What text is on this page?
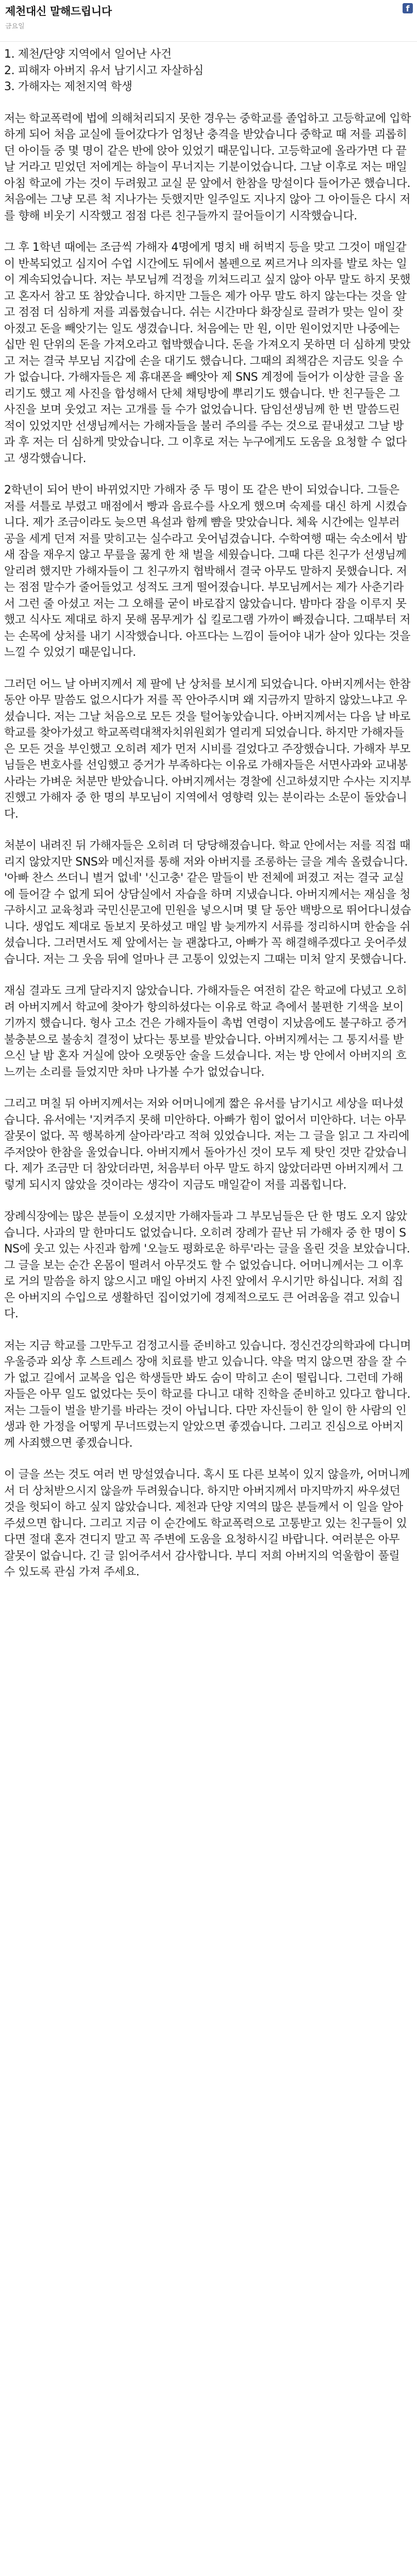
제천대신 말해드립니다
금요일
f

1. 제천/단양 지역에서 일어난 사건
2. 피해자 아버지 유서 남기시고 자살하심
3. 가해자는 제천지역 학생

저는 학교폭력에 법에 의해처리되지 못한 경우는 중학교를 졸업하고 고등학교에 입학하게 되어 처음 교실에 들어갔다가 엄청난 충격을 받았습니다 중학교 때 저를 괴롭히던 아이들 중 몇 명이 같은 반에 앉아 있었기 때문입니다. 고등학교에 올라가면 다 끝날 거라고 믿었던 저에게는 하늘이 무너지는 기분이었습니다. 그날 이후로 저는 매일 아침 학교에 가는 것이 두려웠고 교실 문 앞에서 한참을 망설이다 들어가곤 했습니다. 처음에는 그냥 모른 척 지나가는 듯했지만 일주일도 지나지 않아 그 아이들은 다시 저를 향해 비웃기 시작했고 점점 다른 친구들까지 끌어들이기 시작했습니다.

그 후 1학년 때에는 조금씩 가해자 4명에게 명치 배 허벅지 등을 맞고 그것이 매일같이 반복되었고 심지어 수업 시간에도 뒤에서 볼펜으로 찌르거나 의자를 발로 차는 일이 계속되었습니다. 저는 부모님께 걱정을 끼쳐드리고 싶지 않아 아무 말도 하지 못했고 혼자서 참고 또 참았습니다. 하지만 그들은 제가 아무 말도 하지 않는다는 것을 알고 점점 더 심하게 저를 괴롭혔습니다. 쉬는 시간마다 화장실로 끌려가 맞는 일이 잦아졌고 돈을 빼앗기는 일도 생겼습니다. 처음에는 만 원, 이만 원이었지만 나중에는 십만 원 단위의 돈을 가져오라고 협박했습니다. 돈을 가져오지 못하면 더 심하게 맞았고 저는 결국 부모님 지갑에 손을 대기도 했습니다. 그때의 죄책감은 지금도 잊을 수가 없습니다. 가해자들은 제 휴대폰을 빼앗아 제 SNS 계정에 들어가 이상한 글을 올리기도 했고 제 사진을 합성해서 단체 채팅방에 뿌리기도 했습니다. 반 친구들은 그 사진을 보며 웃었고 저는 고개를 들 수가 없었습니다. 담임선생님께 한 번 말씀드린 적이 있었지만 선생님께서는 가해자들을 불러 주의를 주는 것으로 끝내셨고 그날 방과 후 저는 더 심하게 맞았습니다. 그 이후로 저는 누구에게도 도움을 요청할 수 없다고 생각했습니다.

2학년이 되어 반이 바뀌었지만 가해자 중 두 명이 또 같은 반이 되었습니다. 그들은 저를 셔틀로 부렸고 매점에서 빵과 음료수를 사오게 했으며 숙제를 대신 하게 시켰습니다. 제가 조금이라도 늦으면 욕설과 함께 뺨을 맞았습니다. 체육 시간에는 일부러 공을 세게 던져 저를 맞히고는 실수라고 웃어넘겼습니다. 수학여행 때는 숙소에서 밤새 잠을 재우지 않고 무릎을 꿇게 한 채 벌을 세웠습니다. 그때 다른 친구가 선생님께 알리려 했지만 가해자들이 그 친구까지 협박해서 결국 아무도 말하지 못했습니다. 저는 점점 말수가 줄어들었고 성적도 크게 떨어졌습니다. 부모님께서는 제가 사춘기라서 그런 줄 아셨고 저는 그 오해를 굳이 바로잡지 않았습니다. 밤마다 잠을 이루지 못했고 식사도 제대로 하지 못해 몸무게가 십 킬로그램 가까이 빠졌습니다. 그때부터 저는 손목에 상처를 내기 시작했습니다. 아프다는 느낌이 들어야 내가 살아 있다는 것을 느낄 수 있었기 때문입니다.

그러던 어느 날 아버지께서 제 팔에 난 상처를 보시게 되었습니다. 아버지께서는 한참 동안 아무 말씀도 없으시다가 저를 꼭 안아주시며 왜 지금까지 말하지 않았느냐고 우셨습니다. 저는 그날 처음으로 모든 것을 털어놓았습니다. 아버지께서는 다음 날 바로 학교를 찾아가셨고 학교폭력대책자치위원회가 열리게 되었습니다. 하지만 가해자들은 모든 것을 부인했고 오히려 제가 먼저 시비를 걸었다고 주장했습니다. 가해자 부모님들은 변호사를 선임했고 증거가 부족하다는 이유로 가해자들은 서면사과와 교내봉사라는 가벼운 처분만 받았습니다. 아버지께서는 경찰에 신고하셨지만 수사는 지지부진했고 가해자 중 한 명의 부모님이 지역에서 영향력 있는 분이라는 소문이 돌았습니다.

처분이 내려진 뒤 가해자들은 오히려 더 당당해졌습니다. 학교 안에서는 저를 직접 때리지 않았지만 SNS와 메신저를 통해 저와 아버지를 조롱하는 글을 계속 올렸습니다. '아빠 찬스 쓰더니 별거 없네' '신고충' 같은 말들이 반 전체에 퍼졌고 저는 결국 교실에 들어갈 수 없게 되어 상담실에서 자습을 하며 지냈습니다. 아버지께서는 재심을 청구하시고 교육청과 국민신문고에 민원을 넣으시며 몇 달 동안 백방으로 뛰어다니셨습니다. 생업도 제대로 돌보지 못하셨고 매일 밤 늦게까지 서류를 정리하시며 한숨을 쉬셨습니다. 그러면서도 제 앞에서는 늘 괜찮다고, 아빠가 꼭 해결해주겠다고 웃어주셨습니다. 저는 그 웃음 뒤에 얼마나 큰 고통이 있었는지 그때는 미처 알지 못했습니다.

재심 결과도 크게 달라지지 않았습니다. 가해자들은 여전히 같은 학교에 다녔고 오히려 아버지께서 학교에 찾아가 항의하셨다는 이유로 학교 측에서 불편한 기색을 보이기까지 했습니다. 형사 고소 건은 가해자들이 촉법 연령이 지났음에도 불구하고 증거 불충분으로 불송치 결정이 났다는 통보를 받았습니다. 아버지께서는 그 통지서를 받으신 날 밤 혼자 거실에 앉아 오랫동안 술을 드셨습니다. 저는 방 안에서 아버지의 흐느끼는 소리를 들었지만 차마 나가볼 수가 없었습니다.

그리고 며칠 뒤 아버지께서는 저와 어머니에게 짧은 유서를 남기시고 세상을 떠나셨습니다. 유서에는 '지켜주지 못해 미안하다. 아빠가 힘이 없어서 미안하다. 너는 아무 잘못이 없다. 꼭 행복하게 살아라'라고 적혀 있었습니다. 저는 그 글을 읽고 그 자리에 주저앉아 한참을 울었습니다. 아버지께서 돌아가신 것이 모두 제 탓인 것만 같았습니다. 제가 조금만 더 참았더라면, 처음부터 아무 말도 하지 않았더라면 아버지께서 그렇게 되시지 않았을 것이라는 생각이 지금도 매일같이 저를 괴롭힙니다.

장례식장에는 많은 분들이 오셨지만 가해자들과 그 부모님들은 단 한 명도 오지 않았습니다. 사과의 말 한마디도 없었습니다. 오히려 장례가 끝난 뒤 가해자 중 한 명이 SNS에 웃고 있는 사진과 함께 '오늘도 평화로운 하루'라는 글을 올린 것을 보았습니다. 그 글을 보는 순간 온몸이 떨려서 아무것도 할 수 없었습니다. 어머니께서는 그 이후로 거의 말씀을 하지 않으시고 매일 아버지 사진 앞에서 우시기만 하십니다. 저희 집은 아버지의 수입으로 생활하던 집이었기에 경제적으로도 큰 어려움을 겪고 있습니다.

저는 지금 학교를 그만두고 검정고시를 준비하고 있습니다. 정신건강의학과에 다니며 우울증과 외상 후 스트레스 장애 치료를 받고 있습니다. 약을 먹지 않으면 잠을 잘 수가 없고 길에서 교복을 입은 학생들만 봐도 숨이 막히고 손이 떨립니다. 그런데 가해자들은 아무 일도 없었다는 듯이 학교를 다니고 대학 진학을 준비하고 있다고 합니다. 저는 그들이 벌을 받기를 바라는 것이 아닙니다. 다만 자신들이 한 일이 한 사람의 인생과 한 가정을 어떻게 무너뜨렸는지 알았으면 좋겠습니다. 그리고 진심으로 아버지께 사죄했으면 좋겠습니다.

이 글을 쓰는 것도 여러 번 망설였습니다. 혹시 또 다른 보복이 있지 않을까, 어머니께서 더 상처받으시지 않을까 두려웠습니다. 하지만 아버지께서 마지막까지 싸우셨던 것을 헛되이 하고 싶지 않았습니다. 제천과 단양 지역의 많은 분들께서 이 일을 알아주셨으면 합니다. 그리고 지금 이 순간에도 학교폭력으로 고통받고 있는 친구들이 있다면 절대 혼자 견디지 말고 꼭 주변에 도움을 요청하시길 바랍니다. 여러분은 아무 잘못이 없습니다. 긴 글 읽어주셔서 감사합니다. 부디 저희 아버지의 억울함이 풀릴 수 있도록 관심 가져 주세요.
